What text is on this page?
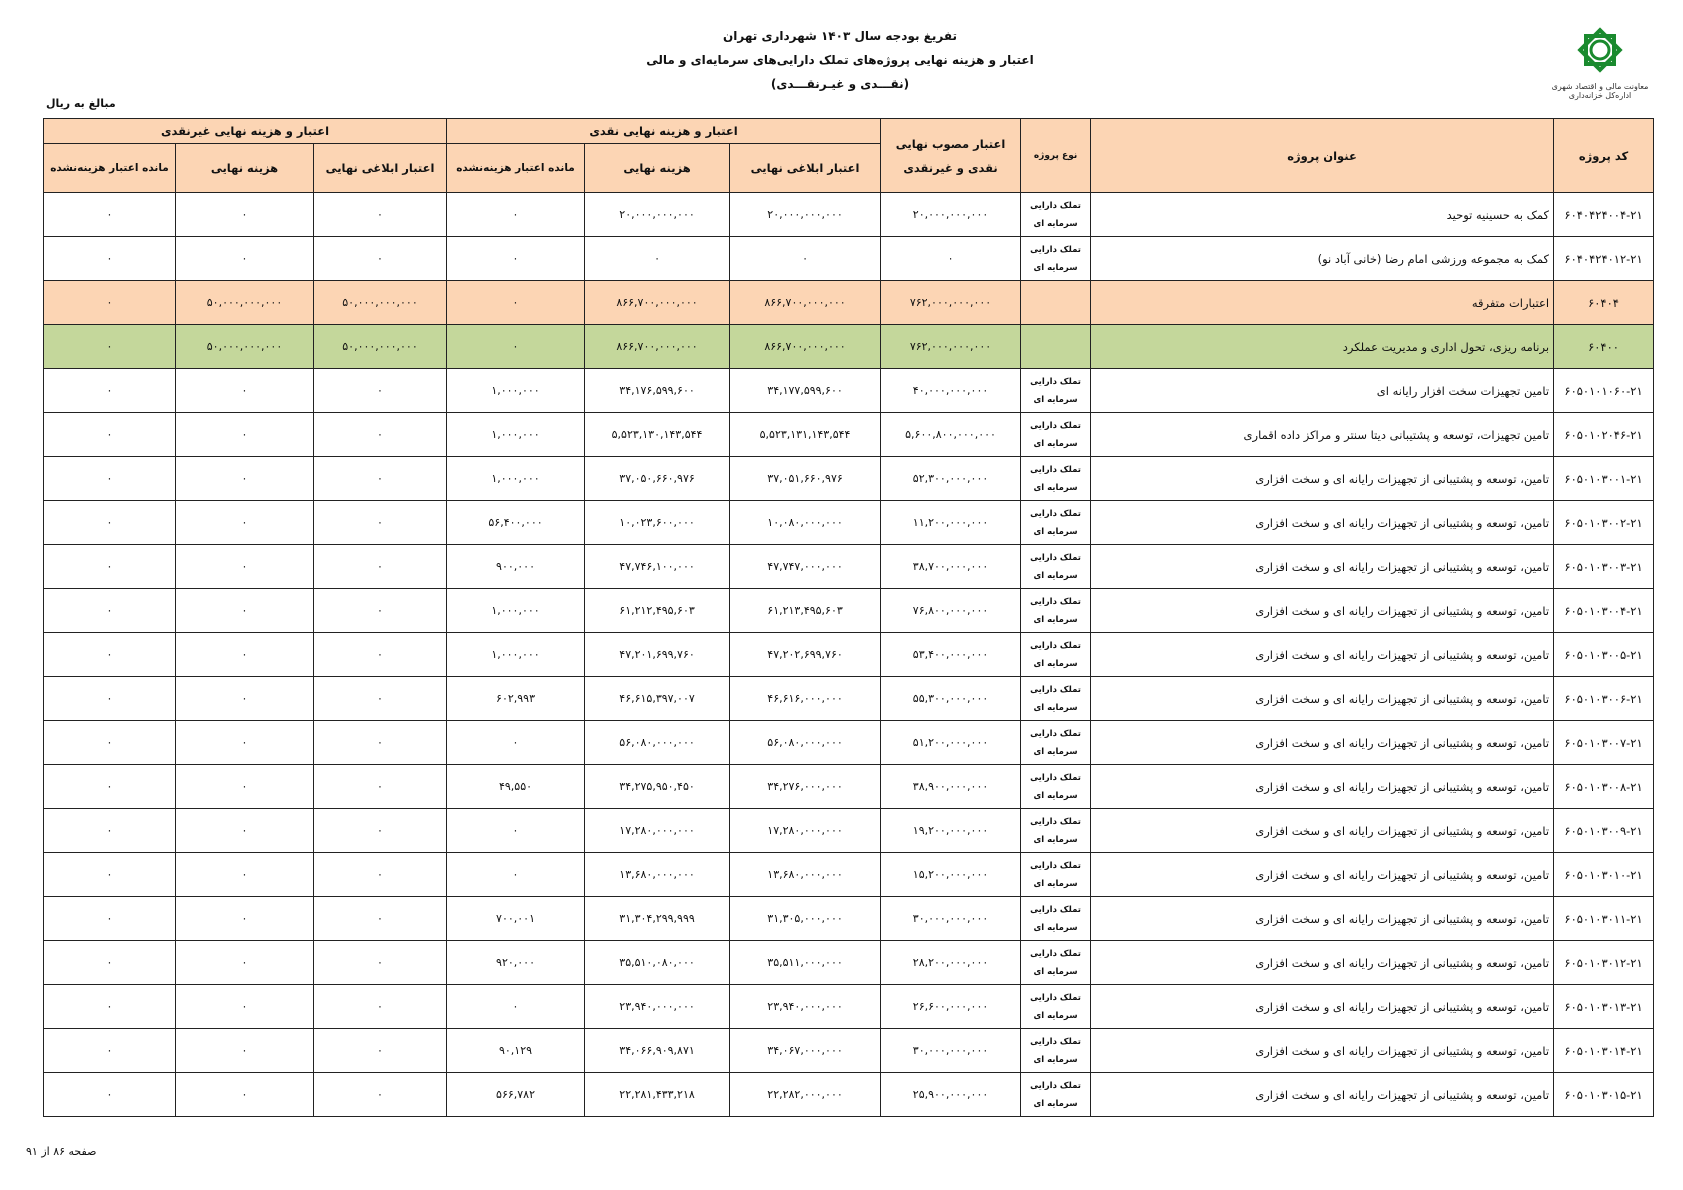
تفریغ بودجه سال ۱۴۰۳ شهرداری تهران
اعتبار و هزینه نهایی پروژه‌های تملک دارایی‌های سرمایه‌ای و مالی
(نقـــدی و غیـرنقـــدی)	معاونت مالی و اقتصاد شهری
اداره‌کل خزانه‌داری
مبالغ به ریال
کد پروژه	عنوان پروژه	نوع پروژه	اعتبار مصوب نهایی نقدی و غیرنقدی	اعتبار و هزینه نهایی نقدی			اعتبار و هزینه نهایی غیرنقدی		
				اعتبار ابلاغی نهایی	هزینه نهایی	مانده اعتبار هزینه‌نشده	اعتبار ابلاغی نهایی	هزینه نهایی	مانده اعتبار هزینه‌نشده
۶۰۴۰۴۲۴۰۰۴-۲۱	کمک به حسینیه توحید	تملک دارایی
سرمایه ای	۲۰,۰۰۰,۰۰۰,۰۰۰	۲۰,۰۰۰,۰۰۰,۰۰۰	۲۰,۰۰۰,۰۰۰,۰۰۰	۰	۰	۰	۰
۶۰۴۰۴۲۴۰۱۲-۲۱	کمک به مجموعه ورزشی امام رضا (خانی آباد نو)	تملک دارایی
سرمایه ای	۰	۰	۰	۰	۰	۰	۰
۶۰۴۰۴	اعتبارات متفرقه		۷۶۲,۰۰۰,۰۰۰,۰۰۰	۸۶۶,۷۰۰,۰۰۰,۰۰۰	۸۶۶,۷۰۰,۰۰۰,۰۰۰	۰	۵۰,۰۰۰,۰۰۰,۰۰۰	۵۰,۰۰۰,۰۰۰,۰۰۰	۰
۶۰۴۰۰	برنامه ریزی، تحول اداری و مدیریت عملکرد		۷۶۲,۰۰۰,۰۰۰,۰۰۰	۸۶۶,۷۰۰,۰۰۰,۰۰۰	۸۶۶,۷۰۰,۰۰۰,۰۰۰	۰	۵۰,۰۰۰,۰۰۰,۰۰۰	۵۰,۰۰۰,۰۰۰,۰۰۰	۰
۶۰۵۰۱۰۱۰۶۰-۲۱	تامین تجهیزات سخت افزار رایانه ای	تملک دارایی
سرمایه ای	۴۰,۰۰۰,۰۰۰,۰۰۰	۳۴,۱۷۷,۵۹۹,۶۰۰	۳۴,۱۷۶,۵۹۹,۶۰۰	۱,۰۰۰,۰۰۰	۰	۰	۰
۶۰۵۰۱۰۲۰۴۶-۲۱	تامین تجهیزات، توسعه و پشتیبانی دیتا سنتر و مراکز داده اقماری	تملک دارایی
سرمایه ای	۵,۶۰۰,۸۰۰,۰۰۰,۰۰۰	۵,۵۲۳,۱۳۱,۱۴۳,۵۴۴	۵,۵۲۳,۱۳۰,۱۴۳,۵۴۴	۱,۰۰۰,۰۰۰	۰	۰	۰
۶۰۵۰۱۰۳۰۰۱-۲۱	تامین، توسعه و پشتیبانی از تجهیزات رایانه ای و سخت افزاری	تملک دارایی
سرمایه ای	۵۲,۳۰۰,۰۰۰,۰۰۰	۳۷,۰۵۱,۶۶۰,۹۷۶	۳۷,۰۵۰,۶۶۰,۹۷۶	۱,۰۰۰,۰۰۰	۰	۰	۰
۶۰۵۰۱۰۳۰۰۲-۲۱	تامین، توسعه و پشتیبانی از تجهیزات رایانه ای و سخت افزاری	تملک دارایی
سرمایه ای	۱۱,۲۰۰,۰۰۰,۰۰۰	۱۰,۰۸۰,۰۰۰,۰۰۰	۱۰,۰۲۳,۶۰۰,۰۰۰	۵۶,۴۰۰,۰۰۰	۰	۰	۰
۶۰۵۰۱۰۳۰۰۳-۲۱	تامین، توسعه و پشتیبانی از تجهیزات رایانه ای و سخت افزاری	تملک دارایی
سرمایه ای	۳۸,۷۰۰,۰۰۰,۰۰۰	۴۷,۷۴۷,۰۰۰,۰۰۰	۴۷,۷۴۶,۱۰۰,۰۰۰	۹۰۰,۰۰۰	۰	۰	۰
۶۰۵۰۱۰۳۰۰۴-۲۱	تامین، توسعه و پشتیبانی از تجهیزات رایانه ای و سخت افزاری	تملک دارایی
سرمایه ای	۷۶,۸۰۰,۰۰۰,۰۰۰	۶۱,۲۱۳,۴۹۵,۶۰۳	۶۱,۲۱۲,۴۹۵,۶۰۳	۱,۰۰۰,۰۰۰	۰	۰	۰
۶۰۵۰۱۰۳۰۰۵-۲۱	تامین، توسعه و پشتیبانی از تجهیزات رایانه ای و سخت افزاری	تملک دارایی
سرمایه ای	۵۳,۴۰۰,۰۰۰,۰۰۰	۴۷,۲۰۲,۶۹۹,۷۶۰	۴۷,۲۰۱,۶۹۹,۷۶۰	۱,۰۰۰,۰۰۰	۰	۰	۰
۶۰۵۰۱۰۳۰۰۶-۲۱	تامین، توسعه و پشتیبانی از تجهیزات رایانه ای و سخت افزاری	تملک دارایی
سرمایه ای	۵۵,۳۰۰,۰۰۰,۰۰۰	۴۶,۶۱۶,۰۰۰,۰۰۰	۴۶,۶۱۵,۳۹۷,۰۰۷	۶۰۲,۹۹۳	۰	۰	۰
۶۰۵۰۱۰۳۰۰۷-۲۱	تامین، توسعه و پشتیبانی از تجهیزات رایانه ای و سخت افزاری	تملک دارایی
سرمایه ای	۵۱,۲۰۰,۰۰۰,۰۰۰	۵۶,۰۸۰,۰۰۰,۰۰۰	۵۶,۰۸۰,۰۰۰,۰۰۰	۰	۰	۰	۰
۶۰۵۰۱۰۳۰۰۸-۲۱	تامین، توسعه و پشتیبانی از تجهیزات رایانه ای و سخت افزاری	تملک دارایی
سرمایه ای	۳۸,۹۰۰,۰۰۰,۰۰۰	۳۴,۲۷۶,۰۰۰,۰۰۰	۳۴,۲۷۵,۹۵۰,۴۵۰	۴۹,۵۵۰	۰	۰	۰
۶۰۵۰۱۰۳۰۰۹-۲۱	تامین، توسعه و پشتیبانی از تجهیزات رایانه ای و سخت افزاری	تملک دارایی
سرمایه ای	۱۹,۲۰۰,۰۰۰,۰۰۰	۱۷,۲۸۰,۰۰۰,۰۰۰	۱۷,۲۸۰,۰۰۰,۰۰۰	۰	۰	۰	۰
۶۰۵۰۱۰۳۰۱۰-۲۱	تامین، توسعه و پشتیبانی از تجهیزات رایانه ای و سخت افزاری	تملک دارایی
سرمایه ای	۱۵,۲۰۰,۰۰۰,۰۰۰	۱۳,۶۸۰,۰۰۰,۰۰۰	۱۳,۶۸۰,۰۰۰,۰۰۰	۰	۰	۰	۰
۶۰۵۰۱۰۳۰۱۱-۲۱	تامین، توسعه و پشتیبانی از تجهیزات رایانه ای و سخت افزاری	تملک دارایی
سرمایه ای	۳۰,۰۰۰,۰۰۰,۰۰۰	۳۱,۳۰۵,۰۰۰,۰۰۰	۳۱,۳۰۴,۲۹۹,۹۹۹	۷۰۰,۰۰۱	۰	۰	۰
۶۰۵۰۱۰۳۰۱۲-۲۱	تامین، توسعه و پشتیبانی از تجهیزات رایانه ای و سخت افزاری	تملک دارایی
سرمایه ای	۲۸,۲۰۰,۰۰۰,۰۰۰	۳۵,۵۱۱,۰۰۰,۰۰۰	۳۵,۵۱۰,۰۸۰,۰۰۰	۹۲۰,۰۰۰	۰	۰	۰
۶۰۵۰۱۰۳۰۱۳-۲۱	تامین، توسعه و پشتیبانی از تجهیزات رایانه ای و سخت افزاری	تملک دارایی
سرمایه ای	۲۶,۶۰۰,۰۰۰,۰۰۰	۲۳,۹۴۰,۰۰۰,۰۰۰	۲۳,۹۴۰,۰۰۰,۰۰۰	۰	۰	۰	۰
۶۰۵۰۱۰۳۰۱۴-۲۱	تامین، توسعه و پشتیبانی از تجهیزات رایانه ای و سخت افزاری	تملک دارایی
سرمایه ای	۳۰,۰۰۰,۰۰۰,۰۰۰	۳۴,۰۶۷,۰۰۰,۰۰۰	۳۴,۰۶۶,۹۰۹,۸۷۱	۹۰,۱۲۹	۰	۰	۰
۶۰۵۰۱۰۳۰۱۵-۲۱	تامین، توسعه و پشتیبانی از تجهیزات رایانه ای و سخت افزاری	تملک دارایی
سرمایه ای	۲۵,۹۰۰,۰۰۰,۰۰۰	۲۲,۲۸۲,۰۰۰,۰۰۰	۲۲,۲۸۱,۴۳۳,۲۱۸	۵۶۶,۷۸۲	۰	۰	۰
صفحه ۸۶ از ۹۱
